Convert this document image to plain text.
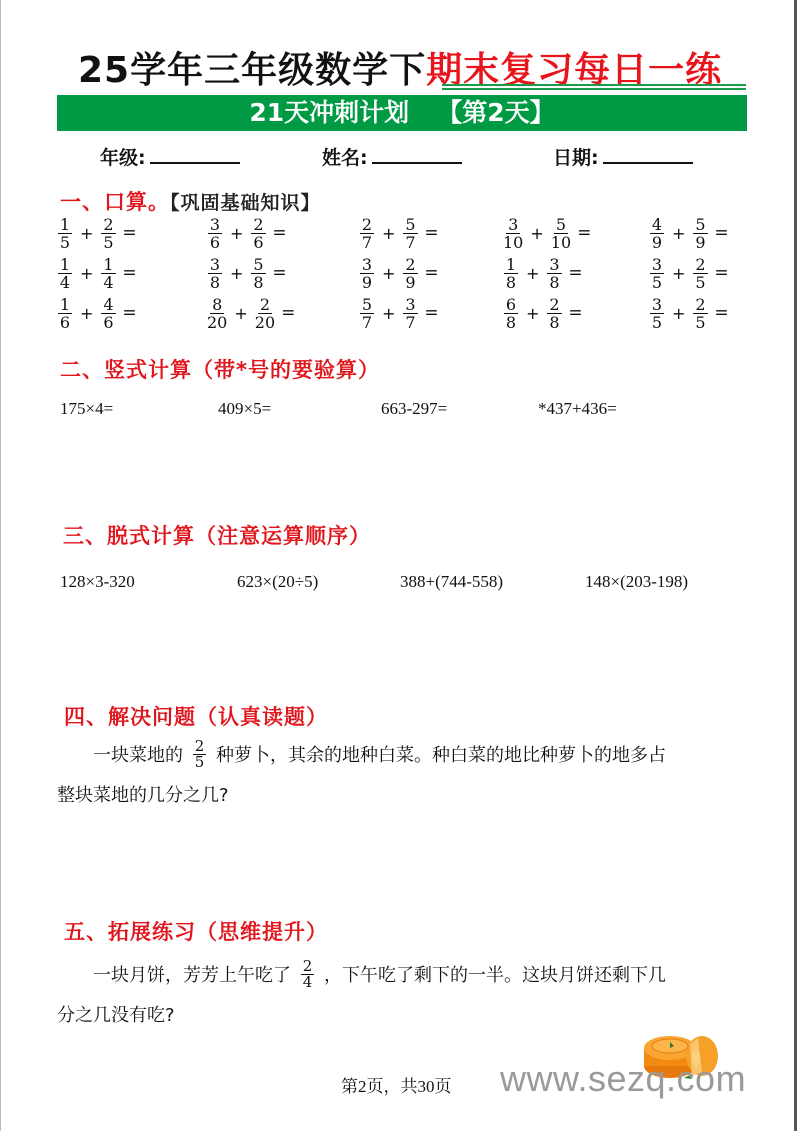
25学年三年级数学下期末复习每日一练
21天冲刺计划 【第2天】
年级:	姓名:	日期:
一、口算。【巩固基础知识】
$\frac{1}{5} + \frac{2}{5}$ =	$\frac{3}{6} + \frac{2}{6}$ =	$\frac{2}{7} + \frac{5}{7}$ =	$\frac{3}{10} + \frac{5}{10}$ =	$\frac{4}{9} + \frac{5}{9}$ =
$\frac{1}{4} + \frac{1}{4}$ =	$\frac{3}{8} + \frac{5}{8}$ =	$\frac{3}{9} + \frac{2}{9}$ =	$\frac{1}{8} + \frac{3}{8}$ =	$\frac{3}{5} + \frac{2}{5}$ =
$\frac{1}{6} + \frac{4}{6}$ =	$\frac{8}{20} + \frac{2}{20}$ =	$\frac{5}{7} + \frac{3}{7}$ =	$\frac{6}{8} + \frac{2}{8}$ =	$\frac{3}{5} + \frac{2}{5}$ =
二、竖式计算（带*号的要验算）
175×4=	409×5=	663-297=	*437+436=
三、脱式计算（注意运算顺序）
128×3-320	623×(20÷5)	388+(744-558)	148×(203-198)
四、解决问题（认真读题）
一块菜地的 $\frac{2}{5}$ 种萝卜，其余的地种白菜。种白菜的地比种萝卜的地多占
整块菜地的几分之几?
五、拓展练习（思维提升）
一块月饼，芳芳上午吃了 $\frac{2}{4}$ ，下午吃了剩下的一半。这块月饼还剩下几
分之几没有吃?
第2页，共30页 www.sezq.com
